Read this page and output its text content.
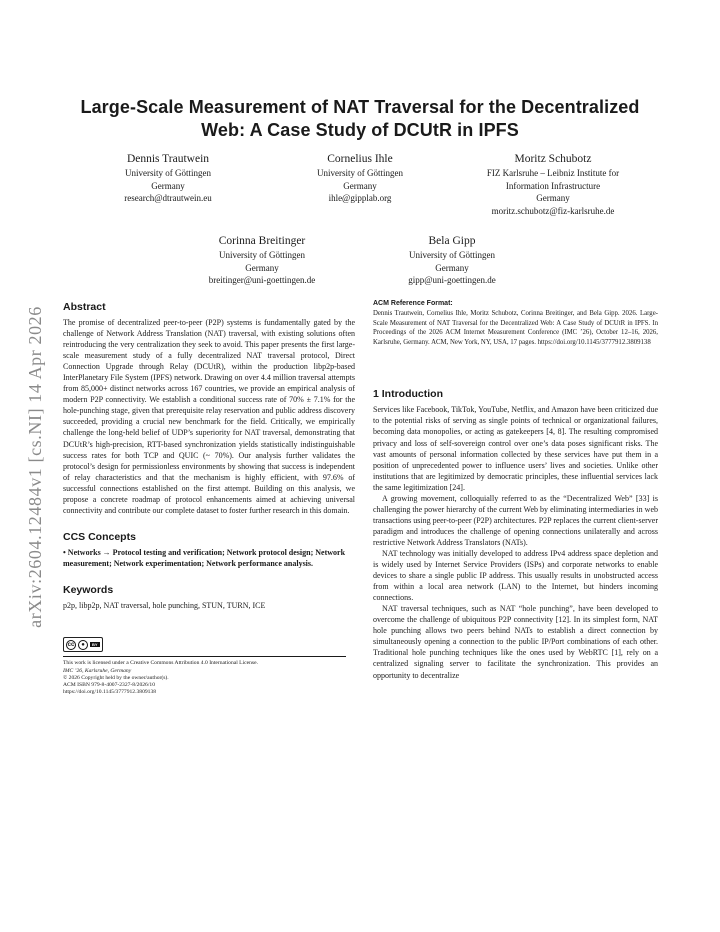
arXiv:2604.12484v1 [cs.NI] 14 Apr 2026
Large-Scale Measurement of NAT Traversal for the Decentralized Web: A Case Study of DCUtR in IPFS
Dennis Trautwein
University of Göttingen
Germany
research@dtrautwein.eu
Cornelius Ihle
University of Göttingen
Germany
ihle@gipplab.org
Moritz Schubotz
FIZ Karlsruhe – Leibniz Institute for
Information Infrastructure
Germany
moritz.schubotz@fiz-karlsruhe.de
Corinna Breitinger
University of Göttingen
Germany
breitinger@uni-goettingen.de
Bela Gipp
University of Göttingen
Germany
gipp@uni-goettingen.de
Abstract

The promise of decentralized peer-to-peer (P2P) systems is fundamentally gated by the challenge of Network Address Translation (NAT) traversal, with existing solutions often reintroducing the very centralization they seek to avoid. This paper presents the first large-scale measurement study of a fully decentralized NAT traversal protocol, Direct Connection Upgrade through Relay (DCUtR), within the production libp2p-based InterPlanetary File System (IPFS) network. Drawing on over 4.4 million traversal attempts from 85,000+ distinct networks across 167 countries, we provide an empirical analysis of modern P2P connectivity. We establish a conditional success rate of 70% ± 7.1% for the hole-punching stage, given that prerequisite relay reservation and public address discovery succeeded, providing a crucial new benchmark for the field. Critically, we empirically challenge the long-held belief of UDP’s superiority for NAT traversal, demonstrating that DCUtR’s high-precision, RTT-based synchronization yields statistically indistinguishable success rates for both TCP and QUIC (~ 70%). Our analysis further validates the protocol’s design for permissionless environments by showing that success is independent of relay characteristics and that the mechanism is highly efficient, with 97.6% of successful connections established on the first attempt. Building on this analysis, we propose a concrete roadmap of protocol enhancements aimed at achieving universal connectivity and contribute our complete dataset to foster further research in this domain.

CCS Concepts

• Networks → Protocol testing and verification; Network protocol design; Network measurement; Network experimentation; Network performance analysis.

Keywords

p2p, libp2p, NAT traversal, hole punching, STUN, TURN, ICE

cc	●	BY

This work is licensed under a Creative Commons Attribution 4.0 International License.

IMC ’26, Karlsruhe, Germany

© 2026 Copyright held by the owner/author(s).

ACM ISBN 979-8-4007-2327-8/2026/10

https://doi.org/10.1145/3777912.3809138

ACM Reference Format:

Dennis Trautwein, Cornelius Ihle, Moritz Schubotz, Corinna Breitinger, and Bela Gipp. 2026. Large-Scale Measurement of NAT Traversal for the Decentralized Web: A Case Study of DCUtR in IPFS. In Proceedings of the 2026 ACM Internet Measurement Conference (IMC ’26), October 12–16, 2026, Karlsruhe, Germany. ACM, New York, NY, USA, 17 pages. https://doi.org/10.1145/3777912.3809138

1 Introduction

Services like Facebook, TikTok, YouTube, Netflix, and Amazon have been criticized due to the potential risks of serving as single points of technical or organizational failures, becoming data monopolies, or acting as gatekeepers [4, 8]. The resulting compromised privacy and loss of self-sovereign control over one’s data poses significant risks. The vast amounts of personal information collected by these services have put them in a position of unprecedented power to influence users’ lives and societies. Unlike other institutions that are legitimized by democratic principles, these influential services lack the same legitimization [24].

A growing movement, colloquially referred to as the “Decentralized Web” [33] is challenging the power hierarchy of the current Web by eliminating intermediaries in web transactions using peer-to-peer (P2P) architectures. P2P replaces the current client-server paradigm and introduces the challenge of opening connections unilaterally and across restrictive Network Address Translators (NATs).

NAT technology was initially developed to address IPv4 address space depletion and is widely used by Internet Service Providers (ISPs) and corporate networks to enable devices to share a single public IP address. This usually results in unobstructed access from within a local area network (LAN) to the Internet, but hinders incoming connections.

NAT traversal techniques, such as NAT “hole punching”, have been developed to overcome the challenge of ubiquitous P2P connectivity [12]. In its simplest form, NAT hole punching allows two peers behind NATs to establish a direct connection by simultaneously opening a connection to the public IP/Port combinations of each other. Traditional hole punching techniques like the ones used by WebRTC [1], rely on a centralized signaling server to facilitate the synchronization. This provides an opportunity to decentralize
